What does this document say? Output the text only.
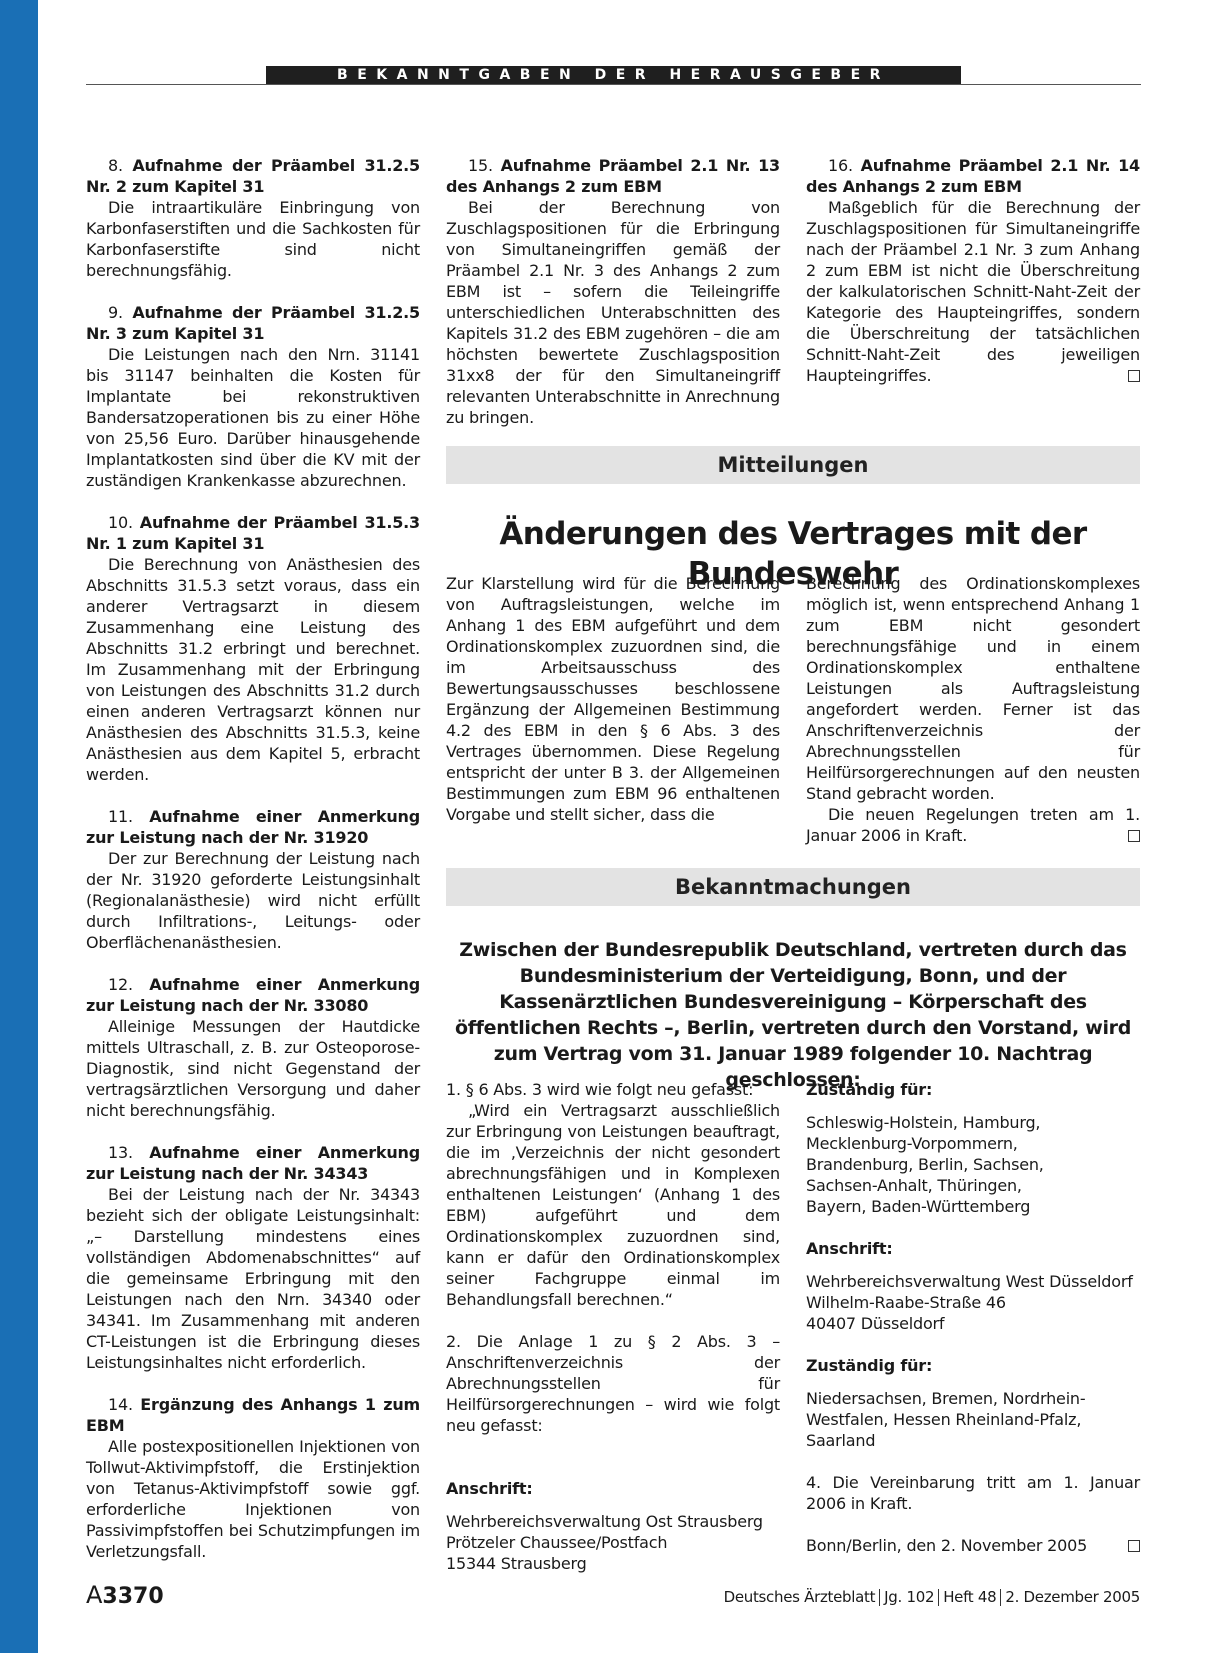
BEKANNTGABEN DER HERAUSGEBER
8. Aufnahme der Präambel 31.2.5 Nr. 2 zum Kapitel 31
Die intraartikuläre Einbringung von Karbonfaserstiften und die Sachkosten für Karbonfaserstifte sind nicht berechnungsfähig.
9. Aufnahme der Präambel 31.2.5 Nr. 3 zum Kapitel 31
Die Leistungen nach den Nrn. 31141 bis 31147 beinhalten die Kosten für Implantate bei rekonstruktiven Bandersatzoperationen bis zu einer Höhe von 25,56 Euro. Darüber hinausgehende Implantatkosten sind über die KV mit der zuständigen Krankenkasse abzurechnen.
10. Aufnahme der Präambel 31.5.3 Nr. 1 zum Kapitel 31
Die Berechnung von Anästhesien des Abschnitts 31.5.3 setzt voraus, dass ein anderer Vertragsarzt in diesem Zusammenhang eine Leistung des Abschnitts 31.2 erbringt und berechnet. Im Zusammenhang mit der Erbringung von Leistungen des Abschnitts 31.2 durch einen anderen Vertragsarzt können nur Anästhesien des Abschnitts 31.5.3, keine Anästhesien aus dem Kapitel 5, erbracht werden.
11. Aufnahme einer Anmerkung zur Leistung nach der Nr. 31920
Der zur Berechnung der Leistung nach der Nr. 31920 geforderte Leistungsinhalt (Regionalanästhesie) wird nicht erfüllt durch Infiltrations-, Leitungs- oder Oberflächenanästhesien.
12. Aufnahme einer Anmerkung zur Leistung nach der Nr. 33080
Alleinige Messungen der Hautdicke mittels Ultraschall, z. B. zur Osteoporose-Diagnostik, sind nicht Gegenstand der vertragsärztlichen Versorgung und daher nicht berechnungsfähig.
13. Aufnahme einer Anmerkung zur Leistung nach der Nr. 34343
Bei der Leistung nach der Nr. 34343 bezieht sich der obligate Leistungsinhalt: „– Darstellung mindestens eines vollständigen Abdomenabschnittes“ auf die gemeinsame Erbringung mit den Leistungen nach den Nrn. 34340 oder 34341. Im Zusammenhang mit anderen CT-Leistungen ist die Erbringung dieses Leistungsinhaltes nicht erforderlich.
14. Ergänzung des Anhangs 1 zum EBM
Alle postexpositionellen Injektionen von Tollwut-Aktivimpfstoff, die Erstinjektion von Tetanus-Aktivimpfstoff sowie ggf. erforderliche Injektionen von Passivimpfstoffen bei Schutzimpfungen im Verletzungsfall.
15. Aufnahme Präambel 2.1 Nr. 13 des Anhangs 2 zum EBM
Bei der Berechnung von Zuschlagspositionen für die Erbringung von Simultaneingriffen gemäß der Präambel 2.1 Nr. 3 des Anhangs 2 zum EBM ist – sofern die Teileingriffe unterschiedlichen Unterabschnitten des Kapitels 31.2 des EBM zugehören – die am höchsten bewertete Zuschlagsposition 31xx8 der für den Simultaneingriff relevanten Unterabschnitte in Anrechnung zu bringen.
16. Aufnahme Präambel 2.1 Nr. 14 des Anhangs 2 zum EBM
Maßgeblich für die Berechnung der Zuschlagspositionen für Simultaneingriffe nach der Präambel 2.1 Nr. 3 zum Anhang 2 zum EBM ist nicht die Überschreitung der kalkulatorischen Schnitt-Naht-Zeit der Kategorie des Haupteingriffes, sondern die Überschreitung der tatsächlichen Schnitt-Naht-Zeit des jeweiligen Haupteingriffes.
Mitteilungen
Änderungen des Vertrages mit der Bundeswehr
Zur Klarstellung wird für die Berechnung von Auftragsleistungen, welche im Anhang 1 des EBM aufgeführt und dem Ordinationskomplex zuzuordnen sind, die im Arbeitsausschuss des Bewertungsausschusses beschlossene Ergänzung der Allgemeinen Bestimmung 4.2 des EBM in den § 6 Abs. 3 des Vertrages übernommen. Diese Regelung entspricht der unter B 3. der Allgemeinen Bestimmungen zum EBM 96 enthaltenen Vorgabe und stellt sicher, dass die
Berechnung des Ordinationskomplexes möglich ist, wenn entsprechend Anhang 1 zum EBM nicht gesondert berechnungsfähige und in einem Ordinationskomplex enthaltene Leistungen als Auftragsleistung angefordert werden. Ferner ist das Anschriftenverzeichnis der Abrechnungsstellen für Heilfürsorgerechnungen auf den neusten Stand gebracht worden.
Die neuen Regelungen treten am 1. Januar 2006 in Kraft.
Bekanntmachungen
Zwischen der Bundesrepublik Deutschland, vertreten durch das Bundesministerium der Verteidigung, Bonn, und der Kassenärztlichen Bundesvereinigung – Körperschaft des öffentlichen Rechts –, Berlin, vertreten durch den Vorstand, wird zum Vertrag vom 31. Januar 1989 folgender 10. Nachtrag geschlossen:
1. § 6 Abs. 3 wird wie folgt neu gefasst:
„Wird ein Vertragsarzt ausschließlich zur Erbringung von Leistungen beauftragt, die im ‚Verzeichnis der nicht gesondert abrechnungsfähigen und in Komplexen enthaltenen Leistungen‘ (Anhang 1 des EBM) aufgeführt und dem Ordinationskomplex zuzuordnen sind, kann er dafür den Ordinationskomplex seiner Fachgruppe einmal im Behandlungsfall berechnen.“
2. Die Anlage 1 zu § 2 Abs. 3 – Anschriftenverzeichnis der Abrechnungsstellen für Heilfürsorgerechnungen – wird wie folgt neu gefasst:
Anschrift:
Wehrbereichsverwaltung Ost Strausberg
Prötzeler Chaussee/Postfach
15344 Strausberg
Zuständig für:
Schleswig-Holstein, Hamburg,
Mecklenburg-Vorpommern,
Brandenburg, Berlin, Sachsen,
Sachsen-Anhalt, Thüringen,
Bayern, Baden-Württemberg
Anschrift:
Wehrbereichsverwaltung West Düsseldorf
Wilhelm-Raabe-Straße 46
40407 Düsseldorf
Zuständig für:
Niedersachsen, Bremen, Nordrhein-
Westfalen, Hessen Rheinland-Pfalz,
Saarland
4. Die Vereinbarung tritt am 1. Januar 2006 in Kraft.
Bonn/Berlin, den 2. November 2005
A3370	Deutsches Ärzteblatt Jg. 102 Heft 48 2. Dezember 2005
